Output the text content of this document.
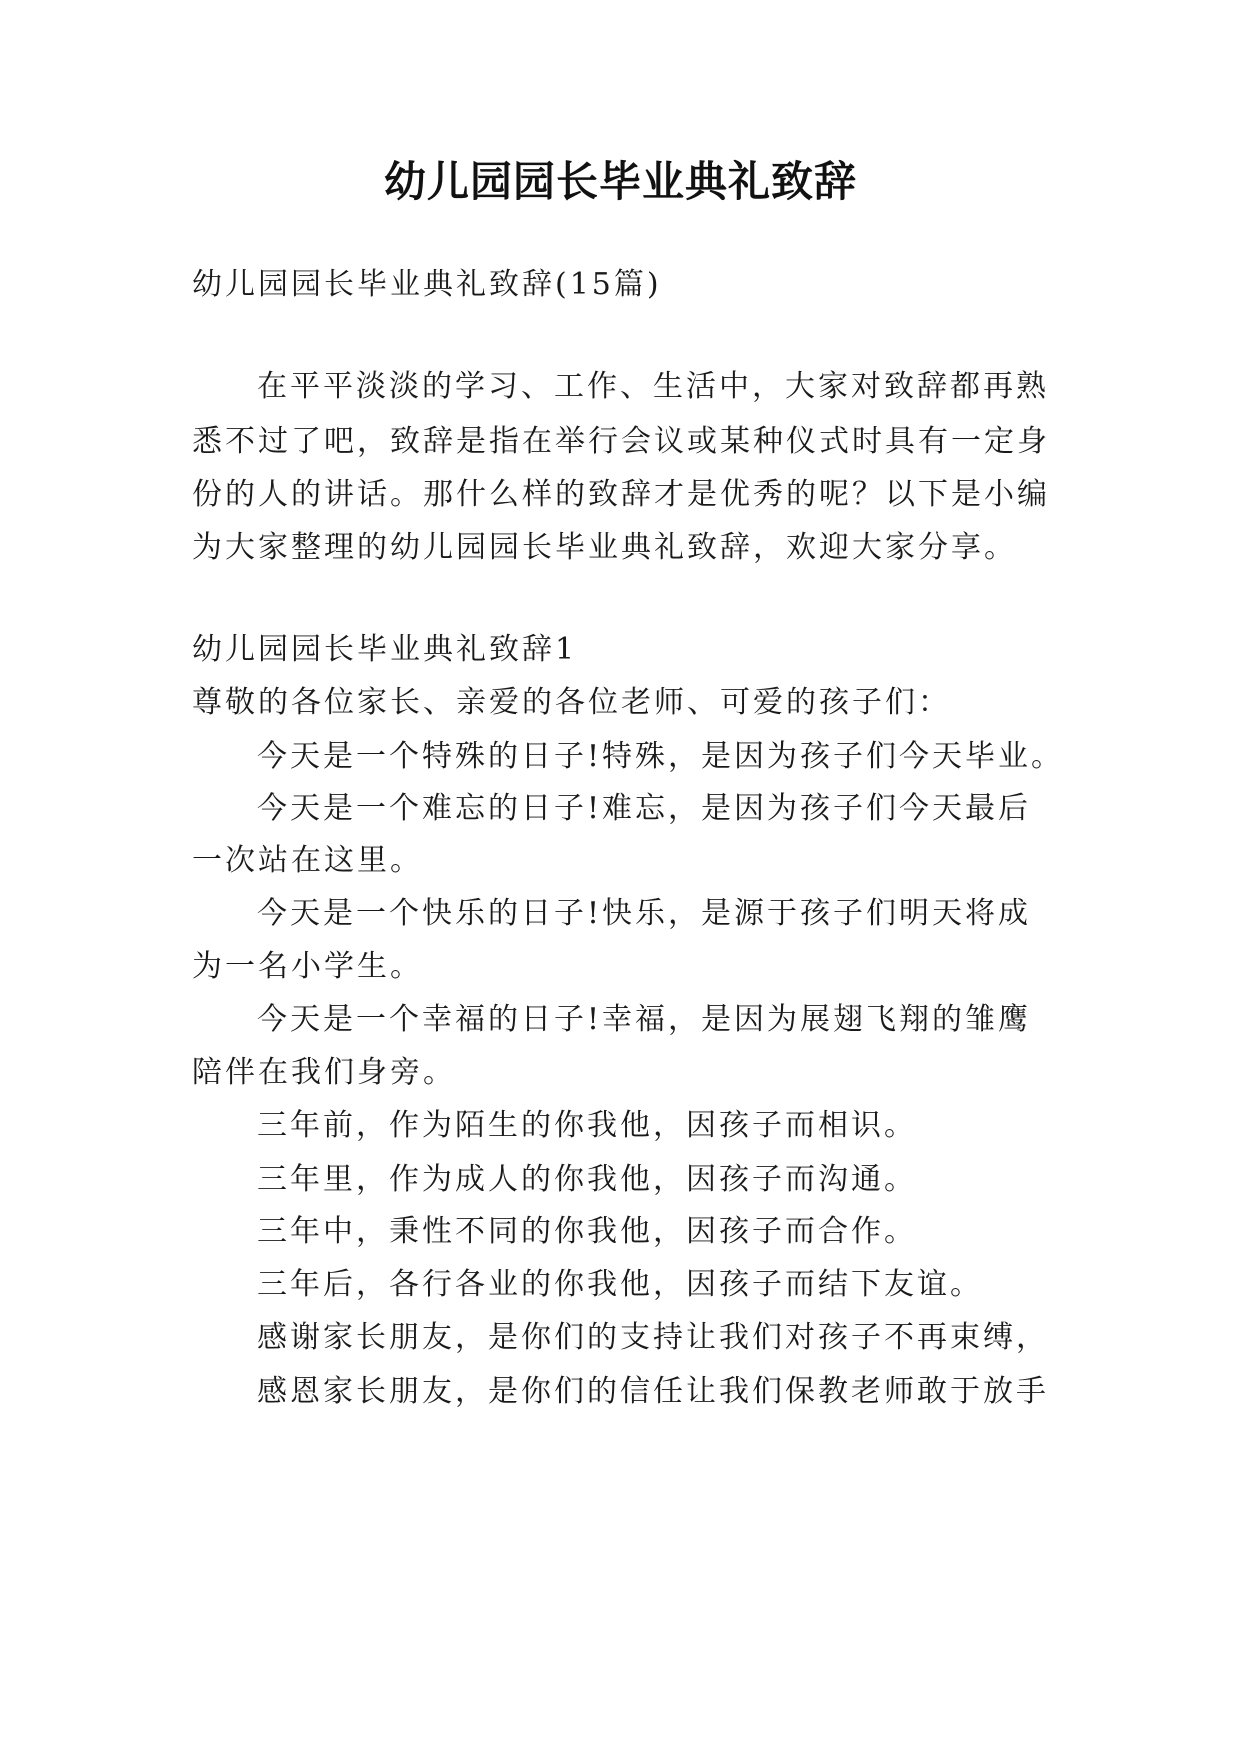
幼儿园园长毕业典礼致辞
幼儿园园长毕业典礼致辞(15篇)
在平平淡淡的学习、工作、生活中，大家对致辞都再熟
悉不过了吧，致辞是指在举行会议或某种仪式时具有一定身
份的人的讲话。那什么样的致辞才是优秀的呢？以下是小编
为大家整理的幼儿园园长毕业典礼致辞，欢迎大家分享。
幼儿园园长毕业典礼致辞1
尊敬的各位家长、亲爱的各位老师、可爱的孩子们：
今天是一个特殊的日子!特殊，是因为孩子们今天毕业。
今天是一个难忘的日子!难忘，是因为孩子们今天最后
一次站在这里。
今天是一个快乐的日子!快乐，是源于孩子们明天将成
为一名小学生。
今天是一个幸福的日子!幸福，是因为展翅飞翔的雏鹰
陪伴在我们身旁。
三年前，作为陌生的你我他，因孩子而相识。
三年里，作为成人的你我他，因孩子而沟通。
三年中，秉性不同的你我他，因孩子而合作。
三年后，各行各业的你我他，因孩子而结下友谊。
感谢家长朋友，是你们的支持让我们对孩子不再束缚，
感恩家长朋友，是你们的信任让我们保教老师敢于放手
